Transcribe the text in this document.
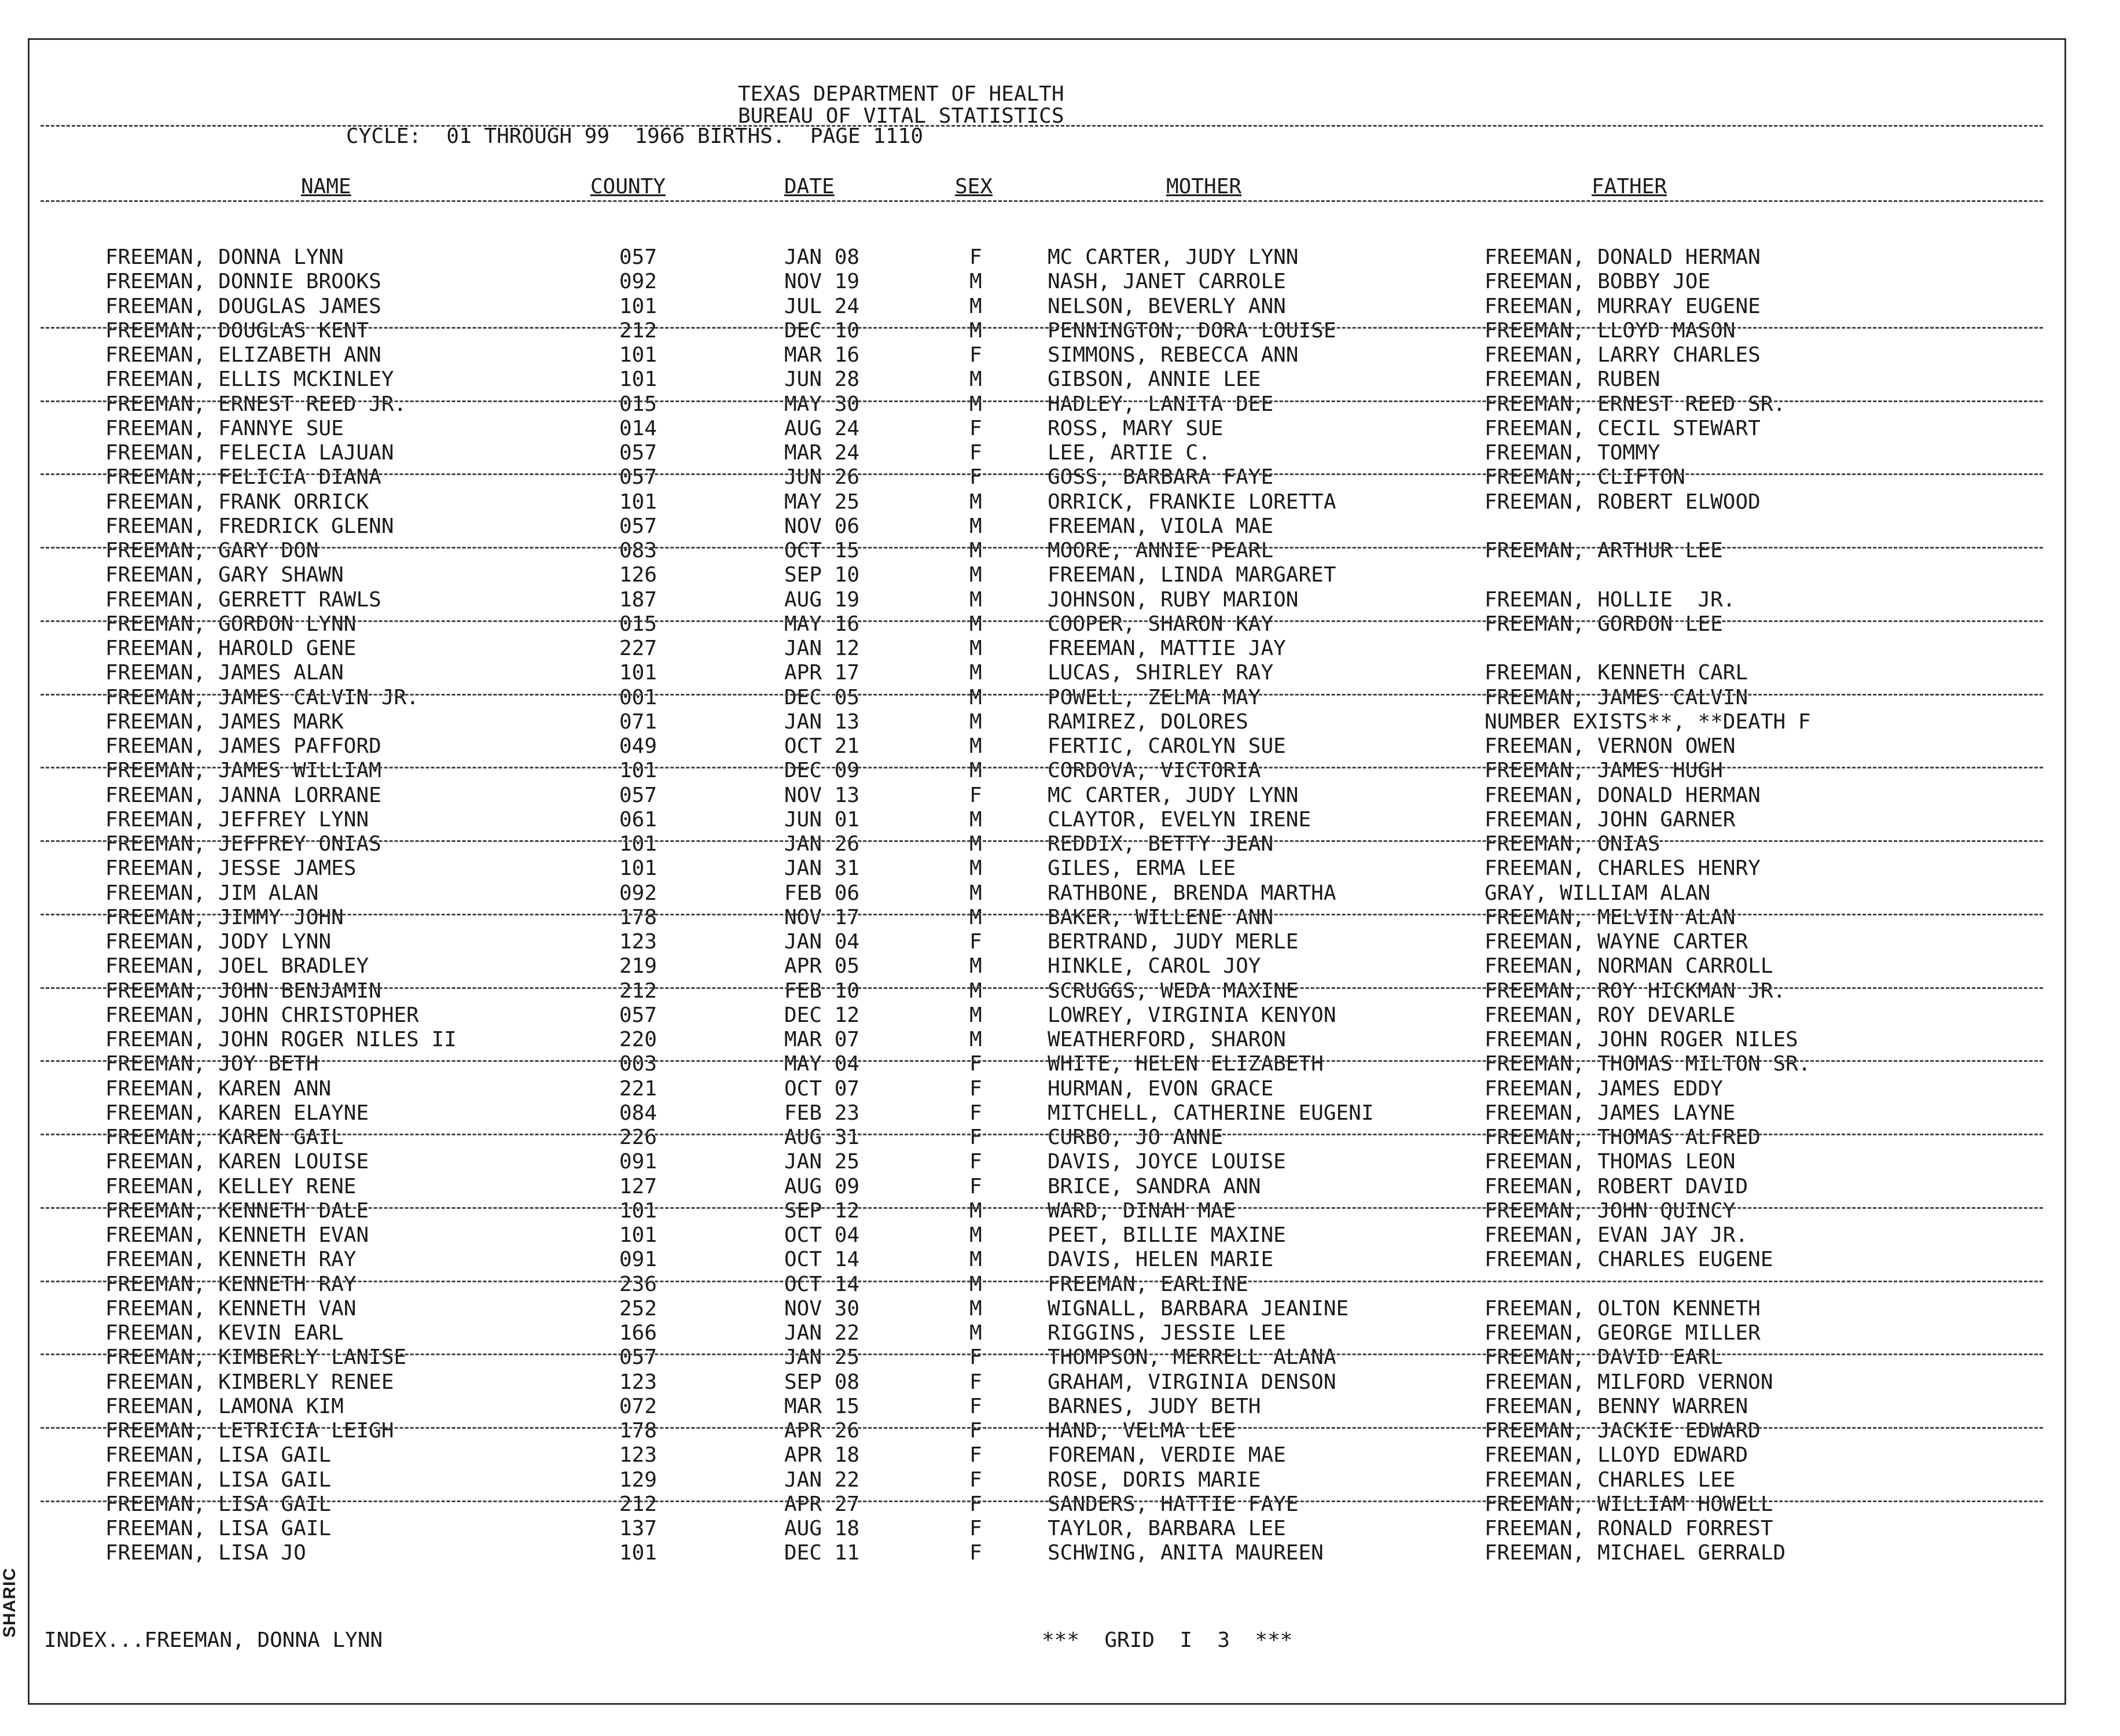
SHARIC
TEXAS DEPARTMENT OF HEALTH
BUREAU OF VITAL STATISTICS
CYCLE:  01 THROUGH 99  1966 BIRTHS.  PAGE 1110
NAME	COUNTY	DATE	SEX	MOTHER	FATHER
FREEMAN, DONNA LYNN	057	JAN 08	F	MC CARTER, JUDY LYNN	FREEMAN, DONALD HERMAN
FREEMAN, DONNIE BROOKS	092	NOV 19	M	NASH, JANET CARROLE	FREEMAN, BOBBY JOE
FREEMAN, DOUGLAS JAMES	101	JUL 24	M	NELSON, BEVERLY ANN	FREEMAN, MURRAY EUGENE
FREEMAN, DOUGLAS KENT	212	DEC 10	M	PENNINGTON, DORA LOUISE	FREEMAN, LLOYD MASON
FREEMAN, ELIZABETH ANN	101	MAR 16	F	SIMMONS, REBECCA ANN	FREEMAN, LARRY CHARLES
FREEMAN, ELLIS MCKINLEY	101	JUN 28	M	GIBSON, ANNIE LEE	FREEMAN, RUBEN
FREEMAN, ERNEST REED JR.	015	MAY 30	M	HADLEY, LANITA DEE	FREEMAN, ERNEST REED SR.
FREEMAN, FANNYE SUE	014	AUG 24	F	ROSS, MARY SUE	FREEMAN, CECIL STEWART
FREEMAN, FELECIA LAJUAN	057	MAR 24	F	LEE, ARTIE C.	FREEMAN, TOMMY
FREEMAN, FELICIA DIANA	057	JUN 26	F	GOSS, BARBARA FAYE	FREEMAN, CLIFTON
FREEMAN, FRANK ORRICK	101	MAY 25	M	ORRICK, FRANKIE LORETTA	FREEMAN, ROBERT ELWOOD
FREEMAN, FREDRICK GLENN	057	NOV 06	M	FREEMAN, VIOLA MAE
FREEMAN, GARY DON	083	OCT 15	M	MOORE, ANNIE PEARL	FREEMAN, ARTHUR LEE
FREEMAN, GARY SHAWN	126	SEP 10	M	FREEMAN, LINDA MARGARET
FREEMAN, GERRETT RAWLS	187	AUG 19	M	JOHNSON, RUBY MARION	FREEMAN, HOLLIE  JR.
FREEMAN, GORDON LYNN	015	MAY 16	M	COOPER, SHARON KAY	FREEMAN, GORDON LEE
FREEMAN, HAROLD GENE	227	JAN 12	M	FREEMAN, MATTIE JAY
FREEMAN, JAMES ALAN	101	APR 17	M	LUCAS, SHIRLEY RAY	FREEMAN, KENNETH CARL
FREEMAN, JAMES CALVIN JR.	001	DEC 05	M	POWELL, ZELMA MAY	FREEMAN, JAMES CALVIN
FREEMAN, JAMES MARK	071	JAN 13	M	RAMIREZ, DOLORES	NUMBER EXISTS**, **DEATH F
FREEMAN, JAMES PAFFORD	049	OCT 21	M	FERTIC, CAROLYN SUE	FREEMAN, VERNON OWEN
FREEMAN, JAMES WILLIAM	101	DEC 09	M	CORDOVA, VICTORIA	FREEMAN, JAMES HUGH
FREEMAN, JANNA LORRANE	057	NOV 13	F	MC CARTER, JUDY LYNN	FREEMAN, DONALD HERMAN
FREEMAN, JEFFREY LYNN	061	JUN 01	M	CLAYTOR, EVELYN IRENE	FREEMAN, JOHN GARNER
FREEMAN, JEFFREY ONIAS	101	JAN 26	M	REDDIX, BETTY JEAN	FREEMAN, ONIAS
FREEMAN, JESSE JAMES	101	JAN 31	M	GILES, ERMA LEE	FREEMAN, CHARLES HENRY
FREEMAN, JIM ALAN	092	FEB 06	M	RATHBONE, BRENDA MARTHA	GRAY, WILLIAM ALAN
FREEMAN, JIMMY JOHN	178	NOV 17	M	BAKER, WILLENE ANN	FREEMAN, MELVIN ALAN
FREEMAN, JODY LYNN	123	JAN 04	F	BERTRAND, JUDY MERLE	FREEMAN, WAYNE CARTER
FREEMAN, JOEL BRADLEY	219	APR 05	M	HINKLE, CAROL JOY	FREEMAN, NORMAN CARROLL
FREEMAN, JOHN BENJAMIN	212	FEB 10	M	SCRUGGS, WEDA MAXINE	FREEMAN, ROY HICKMAN JR.
FREEMAN, JOHN CHRISTOPHER	057	DEC 12	M	LOWREY, VIRGINIA KENYON	FREEMAN, ROY DEVARLE
FREEMAN, JOHN ROGER NILES II	220	MAR 07	M	WEATHERFORD, SHARON	FREEMAN, JOHN ROGER NILES
FREEMAN, JOY BETH	003	MAY 04	F	WHITE, HELEN ELIZABETH	FREEMAN, THOMAS MILTON SR.
FREEMAN, KAREN ANN	221	OCT 07	F	HURMAN, EVON GRACE	FREEMAN, JAMES EDDY
FREEMAN, KAREN ELAYNE	084	FEB 23	F	MITCHELL, CATHERINE EUGENI	FREEMAN, JAMES LAYNE
FREEMAN, KAREN GAIL	226	AUG 31	F	CURBO, JO ANNE	FREEMAN, THOMAS ALFRED
FREEMAN, KAREN LOUISE	091	JAN 25	F	DAVIS, JOYCE LOUISE	FREEMAN, THOMAS LEON
FREEMAN, KELLEY RENE	127	AUG 09	F	BRICE, SANDRA ANN	FREEMAN, ROBERT DAVID
FREEMAN, KENNETH DALE	101	SEP 12	M	WARD, DINAH MAE	FREEMAN, JOHN QUINCY
FREEMAN, KENNETH EVAN	101	OCT 04	M	PEET, BILLIE MAXINE	FREEMAN, EVAN JAY JR.
FREEMAN, KENNETH RAY	091	OCT 14	M	DAVIS, HELEN MARIE	FREEMAN, CHARLES EUGENE
FREEMAN, KENNETH RAY	236	OCT 14	M	FREEMAN, EARLINE
FREEMAN, KENNETH VAN	252	NOV 30	M	WIGNALL, BARBARA JEANINE	FREEMAN, OLTON KENNETH
FREEMAN, KEVIN EARL	166	JAN 22	M	RIGGINS, JESSIE LEE	FREEMAN, GEORGE MILLER
FREEMAN, KIMBERLY LANISE	057	JAN 25	F	THOMPSON, MERRELL ALANA	FREEMAN, DAVID EARL
FREEMAN, KIMBERLY RENEE	123	SEP 08	F	GRAHAM, VIRGINIA DENSON	FREEMAN, MILFORD VERNON
FREEMAN, LAMONA KIM	072	MAR 15	F	BARNES, JUDY BETH	FREEMAN, BENNY WARREN
FREEMAN, LETRICIA LEIGH	178	APR 26	F	HAND, VELMA LEE	FREEMAN, JACKIE EDWARD
FREEMAN, LISA GAIL	123	APR 18	F	FOREMAN, VERDIE MAE	FREEMAN, LLOYD EDWARD
FREEMAN, LISA GAIL	129	JAN 22	F	ROSE, DORIS MARIE	FREEMAN, CHARLES LEE
FREEMAN, LISA GAIL	212	APR 27	F	SANDERS, HATTIE FAYE	FREEMAN, WILLIAM HOWELL
FREEMAN, LISA GAIL	137	AUG 18	F	TAYLOR, BARBARA LEE	FREEMAN, RONALD FORREST
FREEMAN, LISA JO	101	DEC 11	F	SCHWING, ANITA MAUREEN	FREEMAN, MICHAEL GERRALD
INDEX...FREEMAN, DONNA LYNN	***  GRID  I  3  ***
